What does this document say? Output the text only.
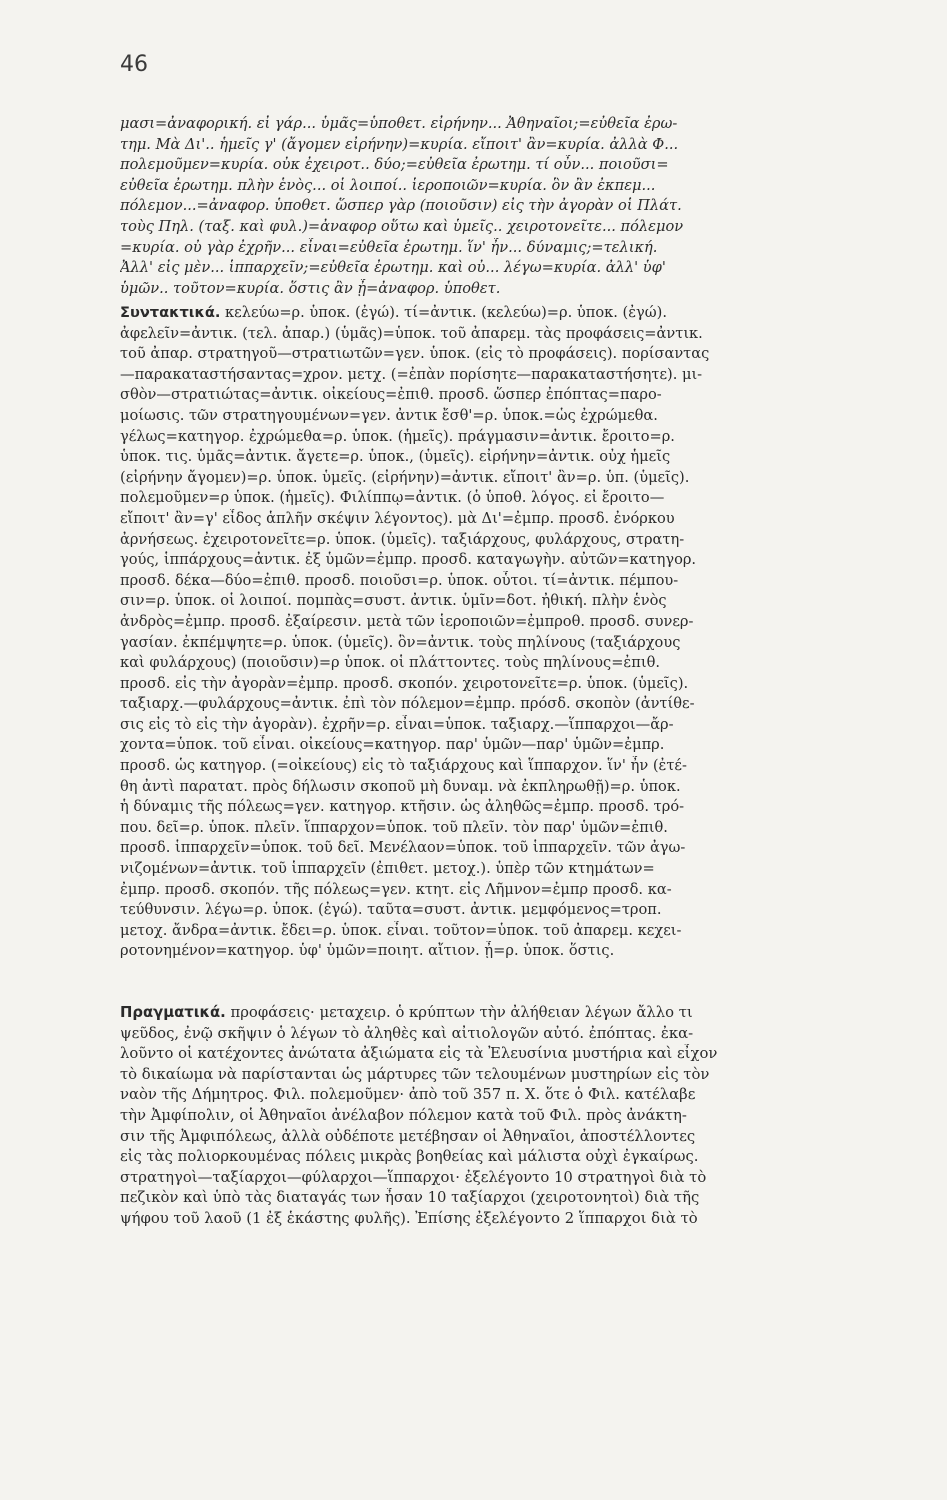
46
μασι=ἀναφορική. εἰ γάρ... ὑμᾶς=ὑποθετ. εἰρήνην... Ἀθηναῖοι;=εὐθεῖα ἐρω-
τημ. Μὰ Δι'.. ἡμεῖς γ' (ἄγομεν εἰρήνην)=κυρία. εἴποιτ' ἂν=κυρία. ἀλλὰ Φ...
πολεμοῦμεν=κυρία. οὐκ ἐχειροτ.. δύο;=εὐθεῖα ἐρωτημ. τί οὖν... ποιοῦσι=
εὐθεῖα ἐρωτημ. πλὴν ἑνὸς... οἱ λοιποί.. ἱεροποιῶν=κυρία. ὃν ἂν ἐκπεμ...
πόλεμον...=ἀναφορ. ὑποθετ. ὥσπερ γὰρ (ποιοῦσιν) εἰς τὴν ἀγορὰν οἱ Πλάτ.
τοὺς Πηλ. (ταξ. καὶ φυλ.)=ἀναφορ οὕτω καὶ ὑμεῖς.. χειροτονεῖτε... πόλεμον
=κυρία. οὐ γὰρ ἐχρῆν... εἶναι=εὐθεῖα ἐρωτημ. ἵν' ἦν... δύναμις;=τελική.
Ἀλλ' εἰς μὲν... ἱππαρχεῖν;=εὐθεῖα ἐρωτημ. καὶ οὐ... λέγω=κυρία. ἀλλ' ὑφ'
ὑμῶν.. τοῦτον=κυρία. ὅστις ἂν ᾖ=ἀναφορ. ὑποθετ.
Συντακτικά. κελεύω=ρ. ὑποκ. (ἐγώ). τί=ἀντικ. (κελεύω)=ρ. ὑποκ. (ἐγώ).
ἀφελεῖν=ἀντικ. (τελ. ἀπαρ.) (ὑμᾶς)=ὑποκ. τοῦ ἀπαρεμ. τὰς προφάσεις=ἀντικ.
τοῦ ἀπαρ. στρατηγοῦ—στρατιωτῶν=γεν. ὑποκ. (εἰς τὸ προφάσεις). πορίσαντας
—παρακαταστήσαντας=χρον. μετχ. (=ἐπὰν πορίσητε—παρακαταστήσητε). μι-
σθὸν—στρατιώτας=ἀντικ. οἰκείους=ἐπιθ. προσδ. ὥσπερ ἐπόπτας=παρο-
μοίωσις. τῶν στρατηγουμένων=γεν. ἀντικ ἔσθ'=ρ. ὑποκ.=ὡς ἐχρώμεθα.
γέλως=κατηγορ. ἐχρώμεθα=ρ. ὑποκ. (ἡμεῖς). πράγμασιν=ἀντικ. ἔροιτο=ρ.
ὑποκ. τις. ὑμᾶς=ἀντικ. ἄγετε=ρ. ὑποκ., (ὑμεῖς). εἰρήνην=ἀντικ. οὐχ ἡμεῖς
(εἰρήνην ἄγομεν)=ρ. ὑποκ. ὑμεῖς. (εἰρήνην)=ἀντικ. εἴποιτ' ἂν=ρ. ὑπ. (ὑμεῖς).
πολεμοῦμεν=ρ ὑποκ. (ἡμεῖς). Φιλίππῳ=ἀντικ. (ὁ ὑποθ. λόγος. εἰ ἔροιτο—
εἴποιτ' ἂν=γ' εἶδος ἁπλῆν σκέψιν λέγοντος). μὰ Δι'=ἐμπρ. προσδ. ἐνόρκου
ἀρνήσεως. ἐχειροτονεῖτε=ρ. ὑποκ. (ὑμεῖς). ταξιάρχους, φυλάρχους, στρατη-
γούς, ἱππάρχους=ἀντικ. ἐξ ὑμῶν=ἐμπρ. προσδ. καταγωγὴν. αὐτῶν=κατηγορ.
προσδ. δέκα—δύο=ἐπιθ. προσδ. ποιοῦσι=ρ. ὑποκ. οὗτοι. τί=ἀντικ. πέμπου-
σιν=ρ. ὑποκ. οἱ λοιποί. πομπὰς=συστ. ἀντικ. ὑμῖν=δοτ. ἠθική. πλὴν ἑνὸς
ἀνδρὸς=ἐμπρ. προσδ. ἐξαίρεσιν. μετὰ τῶν ἱεροποιῶν=ἐμπροθ. προσδ. συνερ-
γασίαν. ἐκπέμψητε=ρ. ὑποκ. (ὑμεῖς). ὃν=ἀντικ. τοὺς πηλίνους (ταξιάρχους
καὶ φυλάρχους) (ποιοῦσιν)=ρ ὑποκ. οἱ πλάττοντες. τοὺς πηλίνους=ἐπιθ.
προσδ. εἰς τὴν ἀγορὰν=ἐμπρ. προσδ. σκοπόν. χειροτονεῖτε=ρ. ὑποκ. (ὑμεῖς).
ταξιαρχ.—φυλάρχους=ἀντικ. ἐπὶ τὸν πόλεμον=ἐμπρ. πρόσδ. σκοπὸν (ἀντίθε-
σις εἰς τὸ εἰς τὴν ἀγορὰν). ἐχρῆν=ρ. εἶναι=ὑποκ. ταξιαρχ.—ἵππαρχοι—ἄρ-
χοντα=ὑποκ. τοῦ εἶναι. οἰκείους=κατηγορ. παρ' ὑμῶν—παρ' ὑμῶν=ἐμπρ.
προσδ. ὡς κατηγορ. (=οἰκείους) εἰς τὸ ταξιάρχους καὶ ἵππαρχον. ἵν' ἦν (ἐτέ-
θη ἀντὶ παρατατ. πρὸς δήλωσιν σκοποῦ μὴ δυναμ. νὰ ἐκπληρωθῇ)=ρ. ὑποκ.
ἡ δύναμις τῆς πόλεως=γεν. κατηγορ. κτῆσιν. ὡς ἀληθῶς=ἐμπρ. προσδ. τρό-
που. δεῖ=ρ. ὑποκ. πλεῖν. ἵππαρχον=ὑποκ. τοῦ πλεῖν. τὸν παρ' ὑμῶν=ἐπιθ.
προσδ. ἱππαρχεῖν=ὑποκ. τοῦ δεῖ. Μενέλαον=ὑποκ. τοῦ ἱππαρχεῖν. τῶν ἀγω-
νιζομένων=ἀντικ. τοῦ ἱππαρχεῖν (ἐπιθετ. μετοχ.). ὑπὲρ τῶν κτημάτων=
ἐμπρ. προσδ. σκοπόν. τῆς πόλεως=γεν. κτητ. εἰς Λῆμνον=ἐμπρ προσδ. κα-
τεύθυνσιν. λέγω=ρ. ὑποκ. (ἐγώ). ταῦτα=συστ. ἀντικ. μεμφόμενος=τροπ.
μετοχ. ἄνδρα=ἀντικ. ἔδει=ρ. ὑποκ. εἶναι. τοῦτον=ὑποκ. τοῦ ἀπαρεμ. κεχει-
ροτονημένον=κατηγορ. ὑφ' ὑμῶν=ποιητ. αἴτιον. ᾖ=ρ. ὑποκ. ὅστις.
Πραγματικά. προφάσεις· μεταχειρ. ὁ κρύπτων τὴν ἀλήθειαν λέγων ἄλλο τι
ψεῦδος, ἐνῷ σκῆψιν ὁ λέγων τὸ ἀληθὲς καὶ αἰτιολογῶν αὐτό. ἐπόπτας. ἐκα-
λοῦντο οἱ κατέχοντες ἀνώτατα ἀξιώματα εἰς τὰ Ἐλευσίνια μυστήρια καὶ εἶχον
τὸ δικαίωμα νὰ παρίστανται ὡς μάρτυρες τῶν τελουμένων μυστηρίων εἰς τὸν
ναὸν τῆς Δήμητρος. Φιλ. πολεμοῦμεν· ἀπὸ τοῦ 357 π. Χ. ὅτε ὁ Φιλ. κατέλαβε
τὴν Ἀμφίπολιν, οἱ Ἀθηναῖοι ἀνέλαβον πόλεμον κατὰ τοῦ Φιλ. πρὸς ἀνάκτη-
σιν τῆς Ἀμφιπόλεως, ἀλλὰ οὐδέποτε μετέβησαν οἱ Ἀθηναῖοι, ἀποστέλλοντες
εἰς τὰς πολιορκουμένας πόλεις μικρὰς βοηθείας καὶ μάλιστα οὐχὶ ἐγκαίρως.
στρατηγοὶ—ταξίαρχοι—φύλαρχοι—ἵππαρχοι· ἐξελέγοντο 10 στρατηγοὶ διὰ τὸ
πεζικὸν καὶ ὑπὸ τὰς διαταγάς των ἦσαν 10 ταξίαρχοι (χειροτονητοὶ) διὰ τῆς
ψήφου τοῦ λαοῦ (1 ἐξ ἑκάστης φυλῆς). Ἐπίσης ἐξελέγοντο 2 ἵππαρχοι διὰ τὸ
